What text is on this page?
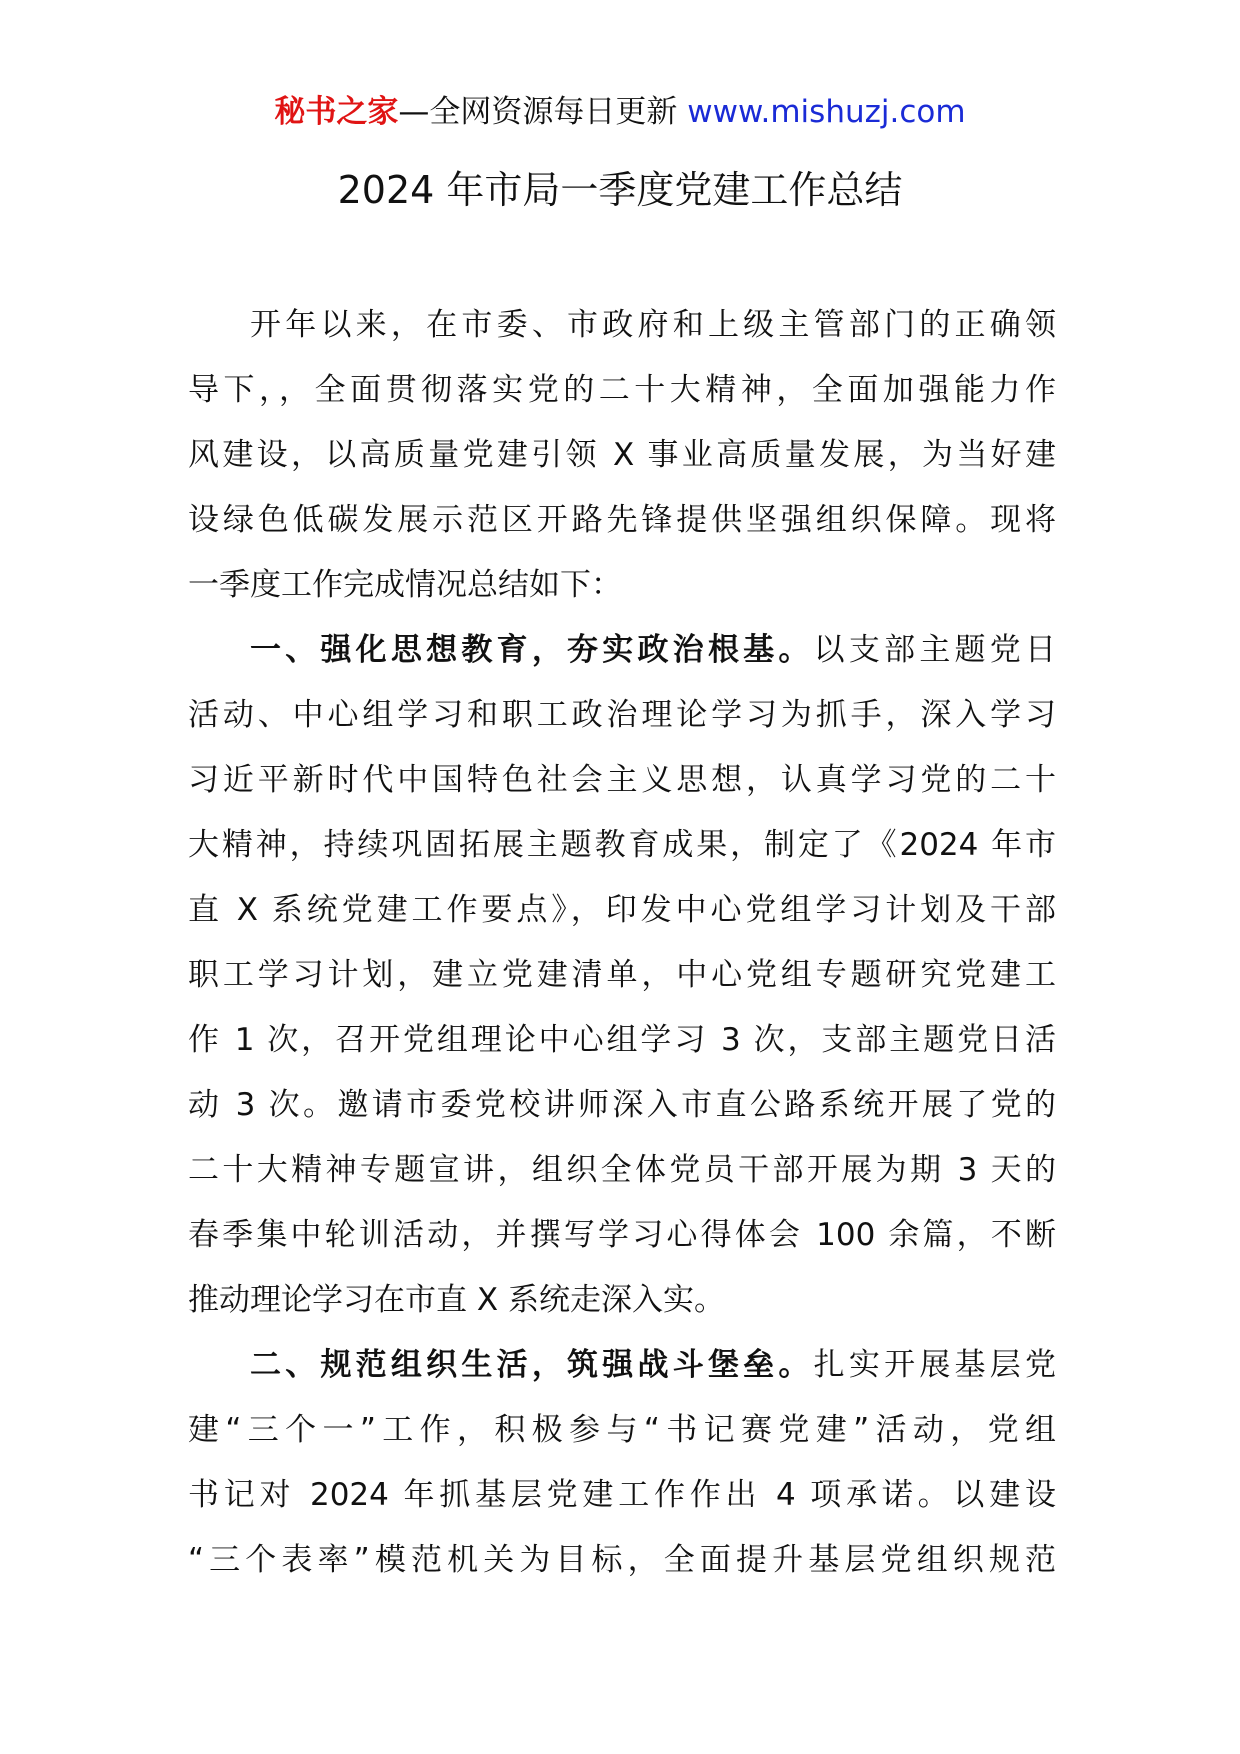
秘书之家—全网资源每日更新 www.mishuzj.com
2024 年市局一季度党建工作总结
开年以来，在市委、市政府和上级主管部门的正确领
导下，，全面贯彻落实党的二十大精神，全面加强能力作
风建设，以高质量党建引领 X 事业高质量发展，为当好建
设绿色低碳发展示范区开路先锋提供坚强组织保障。现将
一季度工作完成情况总结如下：
一、强化思想教育，夯实政治根基。以支部主题党日
活动、中心组学习和职工政治理论学习为抓手，深入学习
习近平新时代中国特色社会主义思想，认真学习党的二十
大精神，持续巩固拓展主题教育成果，制定了《2024 年市
直 X 系统党建工作要点》，印发中心党组学习计划及干部
职工学习计划，建立党建清单，中心党组专题研究党建工
作 1 次，召开党组理论中心组学习 3 次，支部主题党日活
动 3 次。邀请市委党校讲师深入市直公路系统开展了党的
二十大精神专题宣讲，组织全体党员干部开展为期 3 天的
春季集中轮训活动，并撰写学习心得体会 100 余篇，不断
推动理论学习在市直 X 系统走深入实。
二、规范组织生活，筑强战斗堡垒。扎实开展基层党
建“三个一”工作，积极参与“书记赛党建”活动，党组
书记对 2024 年抓基层党建工作作出 4 项承诺。以建设
“三个表率”模范机关为目标，全面提升基层党组织规范
